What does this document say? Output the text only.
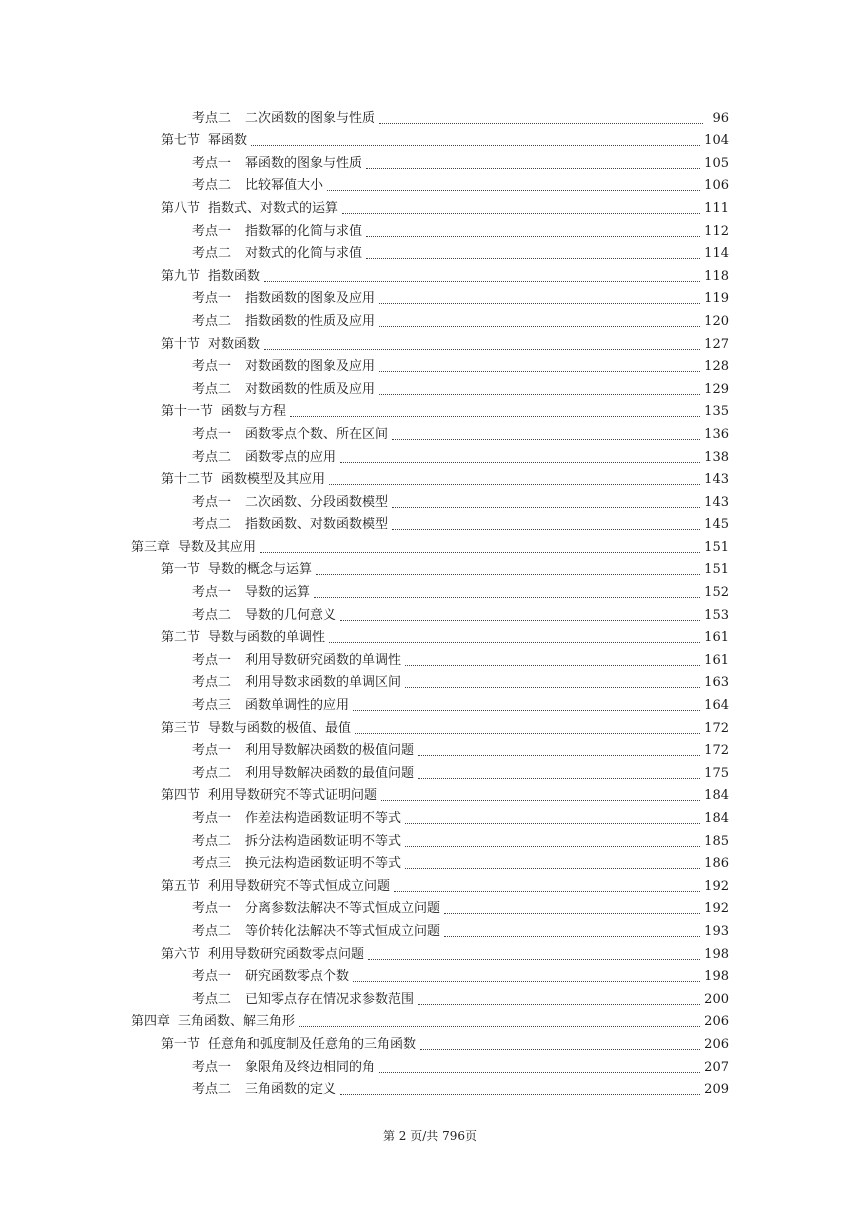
考点二 二次函数的图象与性质	96
第七节 幂函数	104
考点一 幂函数的图象与性质	105
考点二 比较幂值大小	106
第八节 指数式、对数式的运算	111
考点一 指数幂的化简与求值	112
考点二 对数式的化简与求值	114
第九节 指数函数	118
考点一 指数函数的图象及应用	119
考点二 指数函数的性质及应用	120
第十节 对数函数	127
考点一 对数函数的图象及应用	128
考点二 对数函数的性质及应用	129
第十一节 函数与方程	135
考点一 函数零点个数、所在区间	136
考点二 函数零点的应用	138
第十二节 函数模型及其应用	143
考点一 二次函数、分段函数模型	143
考点二 指数函数、对数函数模型	145
第三章 导数及其应用	151
第一节 导数的概念与运算	151
考点一 导数的运算	152
考点二 导数的几何意义	153
第二节 导数与函数的单调性	161
考点一 利用导数研究函数的单调性	161
考点二 利用导数求函数的单调区间	163
考点三 函数单调性的应用	164
第三节 导数与函数的极值、最值	172
考点一 利用导数解决函数的极值问题	172
考点二 利用导数解决函数的最值问题	175
第四节 利用导数研究不等式证明问题	184
考点一 作差法构造函数证明不等式	184
考点二 拆分法构造函数证明不等式	185
考点三 换元法构造函数证明不等式	186
第五节 利用导数研究不等式恒成立问题	192
考点一 分离参数法解决不等式恒成立问题	192
考点二 等价转化法解决不等式恒成立问题	193
第六节 利用导数研究函数零点问题	198
考点一 研究函数零点个数	198
考点二 已知零点存在情况求参数范围	200
第四章 三角函数、解三角形	206
第一节 任意角和弧度制及任意角的三角函数	206
考点一 象限角及终边相同的角	207
考点二 三角函数的定义	209
第 2 页/共 796页
